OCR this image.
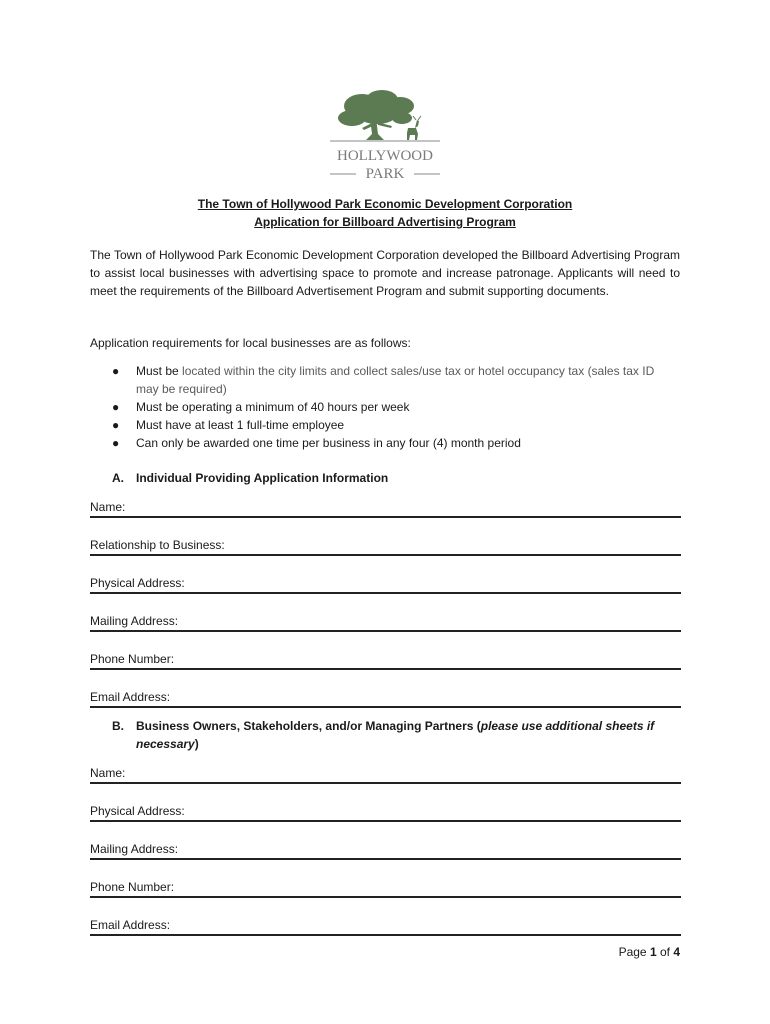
HOLLYWOOD
PARK
The Town of Hollywood Park Economic Development Corporation
Application for Billboard Advertising Program
The Town of Hollywood Park Economic Development Corporation developed the Billboard Advertising Program to assist local businesses with advertising space to promote and increase patronage. Applicants will need to meet the requirements of the Billboard Advertisement Program and submit supporting documents.
Application requirements for local businesses are as follows:
● Must be located within the city limits and collect sales/use tax or hotel occupancy tax (sales tax ID may be required)
● Must be operating a minimum of 40 hours per week
● Must have at least 1 full-time employee
● Can only be awarded one time per business in any four (4) month period
A.	Individual Providing Application Information
Name:
Relationship to Business:
Physical Address:
Mailing Address:
Phone Number:
Email Address:
B.	Business Owners, Stakeholders, and/or Managing Partners (please use additional sheets if necessary)
Name:
Physical Address:
Mailing Address:
Phone Number:
Email Address:
Page 1 of 4
